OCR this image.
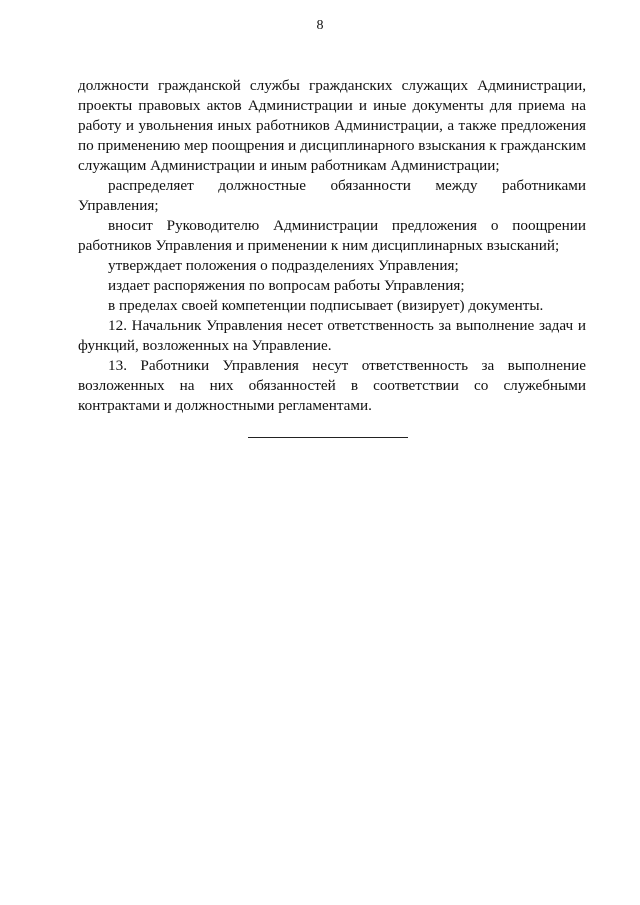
8

должности гражданской службы гражданских служащих Администрации, проекты правовых актов Администрации и иные документы для приема на работу и увольнения иных работников Администрации, а также предложения по применению мер поощрения и дисциплинарного взыскания к гражданским служащим Администрации и иным работникам Администрации;

распределяет должностные обязанности между работниками Управления;

вносит Руководителю Администрации предложения о поощрении работников Управления и применении к ним дисциплинарных взысканий;

утверждает положения о подразделениях Управления;

издает распоряжения по вопросам работы Управления;

в пределах своей компетенции подписывает (визирует) документы.

12. Начальник Управления несет ответственность за выполнение задач и функций, возложенных на Управление.

13. Работники Управления несут ответственность за выполнение возложенных на них обязанностей в соответствии со служебными контрактами и должностными регламентами.
